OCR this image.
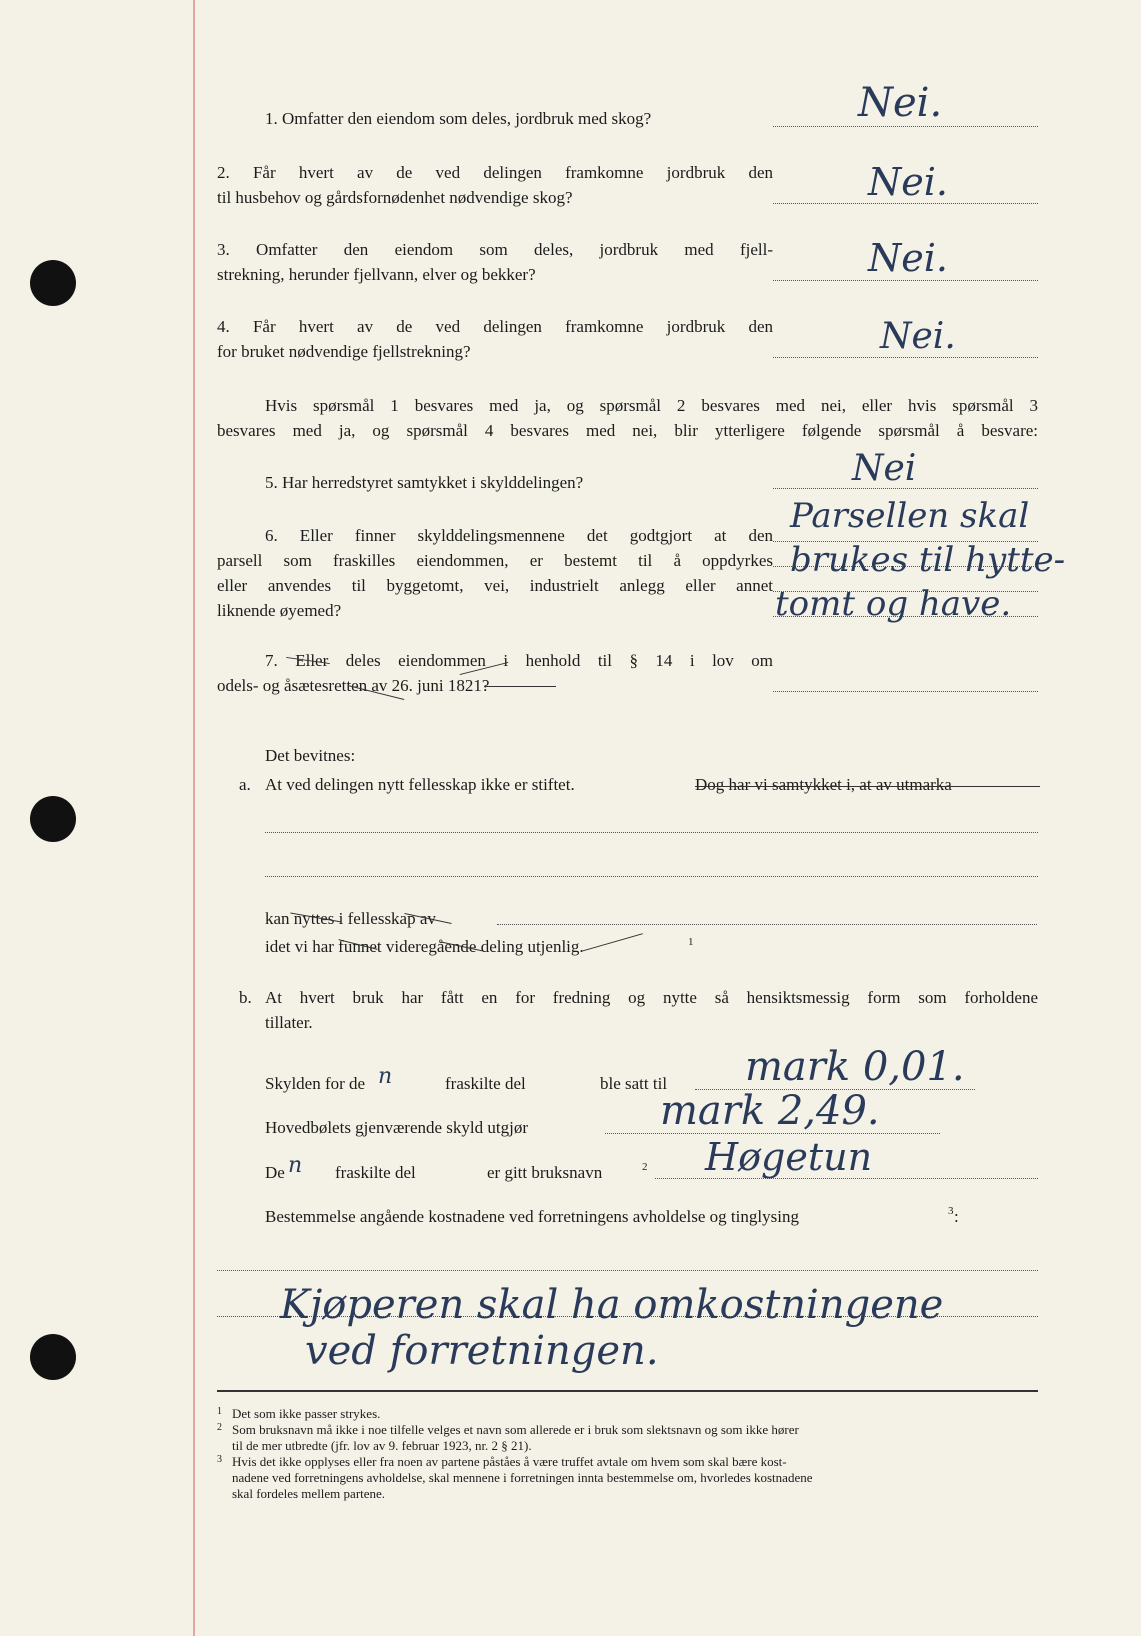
1. Omfatter den eiendom som deles, jordbruk med skog?	Nei.
2. Får hvert av de ved delingen framkomne jordbruk den
til husbehov og gårdsfornødenhet nødvendige skog?	Nei.
3. Omfatter den eiendom som deles, jordbruk med fjell-
strekning, herunder fjellvann, elver og bekker?	Nei.
4. Får hvert av de ved delingen framkomne jordbruk den
for bruket nødvendige fjellstrekning?	Nei.
Hvis spørsmål 1 besvares med ja, og spørsmål 2 besvares med nei, eller hvis spørsmål 3
besvares med ja, og spørsmål 4 besvares med nei, blir ytterligere følgende spørsmål å besvare:
5. Har herredstyret samtykket i skylddelingen?	Nei
6. Eller finner skylddelingsmennene det godtgjort at den
parsell som fraskilles eiendommen, er bestemt til å oppdyrkes
eller anvendes til byggetomt, vei, industrielt anlegg eller annet
liknende øyemed?
Parsellen skal
brukes til hytte-
tomt og have.
7. Eller deles eiendommen i henhold til § 14 i lov om
odels- og åsætesretten av 26. juni 1821?
Det bevitnes:
a. At ved delingen nytt fellesskap ikke er stiftet.	Dog har vi samtykket i, at av utmarka
kan nyttes i fellesskap av
idet vi har funnet videregående deling utjenlig.	1
b. At hvert bruk har fått en for fredning og nytte så hensiktsmessig form som forholdene
tillater.
Skylden for de n	fraskilte del	ble satt til mark 0,01.
Hovedbølets gjenværende skyld utgjør	mark 2,49.
De n fraskilte del	er gitt bruksnavn	2 Høgetun
Bestemmelse angående kostnadene ved forretningens avholdelse og tinglysing	3 :
Kjøperen skal ha omkostningene
ved forretningen.
1 Det som ikke passer strykes.
2 Som bruksnavn må ikke i noe tilfelle velges et navn som allerede er i bruk som slektsnavn og som ikke hører
til de mer utbredte (jfr. lov av 9. februar 1923, nr. 2 § 21).
3 Hvis det ikke opplyses eller fra noen av partene påståes å være truffet avtale om hvem som skal bære kost-
nadene ved forretningens avholdelse, skal mennene i forretningen innta bestemmelse om, hvorledes kostnadene
skal fordeles mellem partene.
